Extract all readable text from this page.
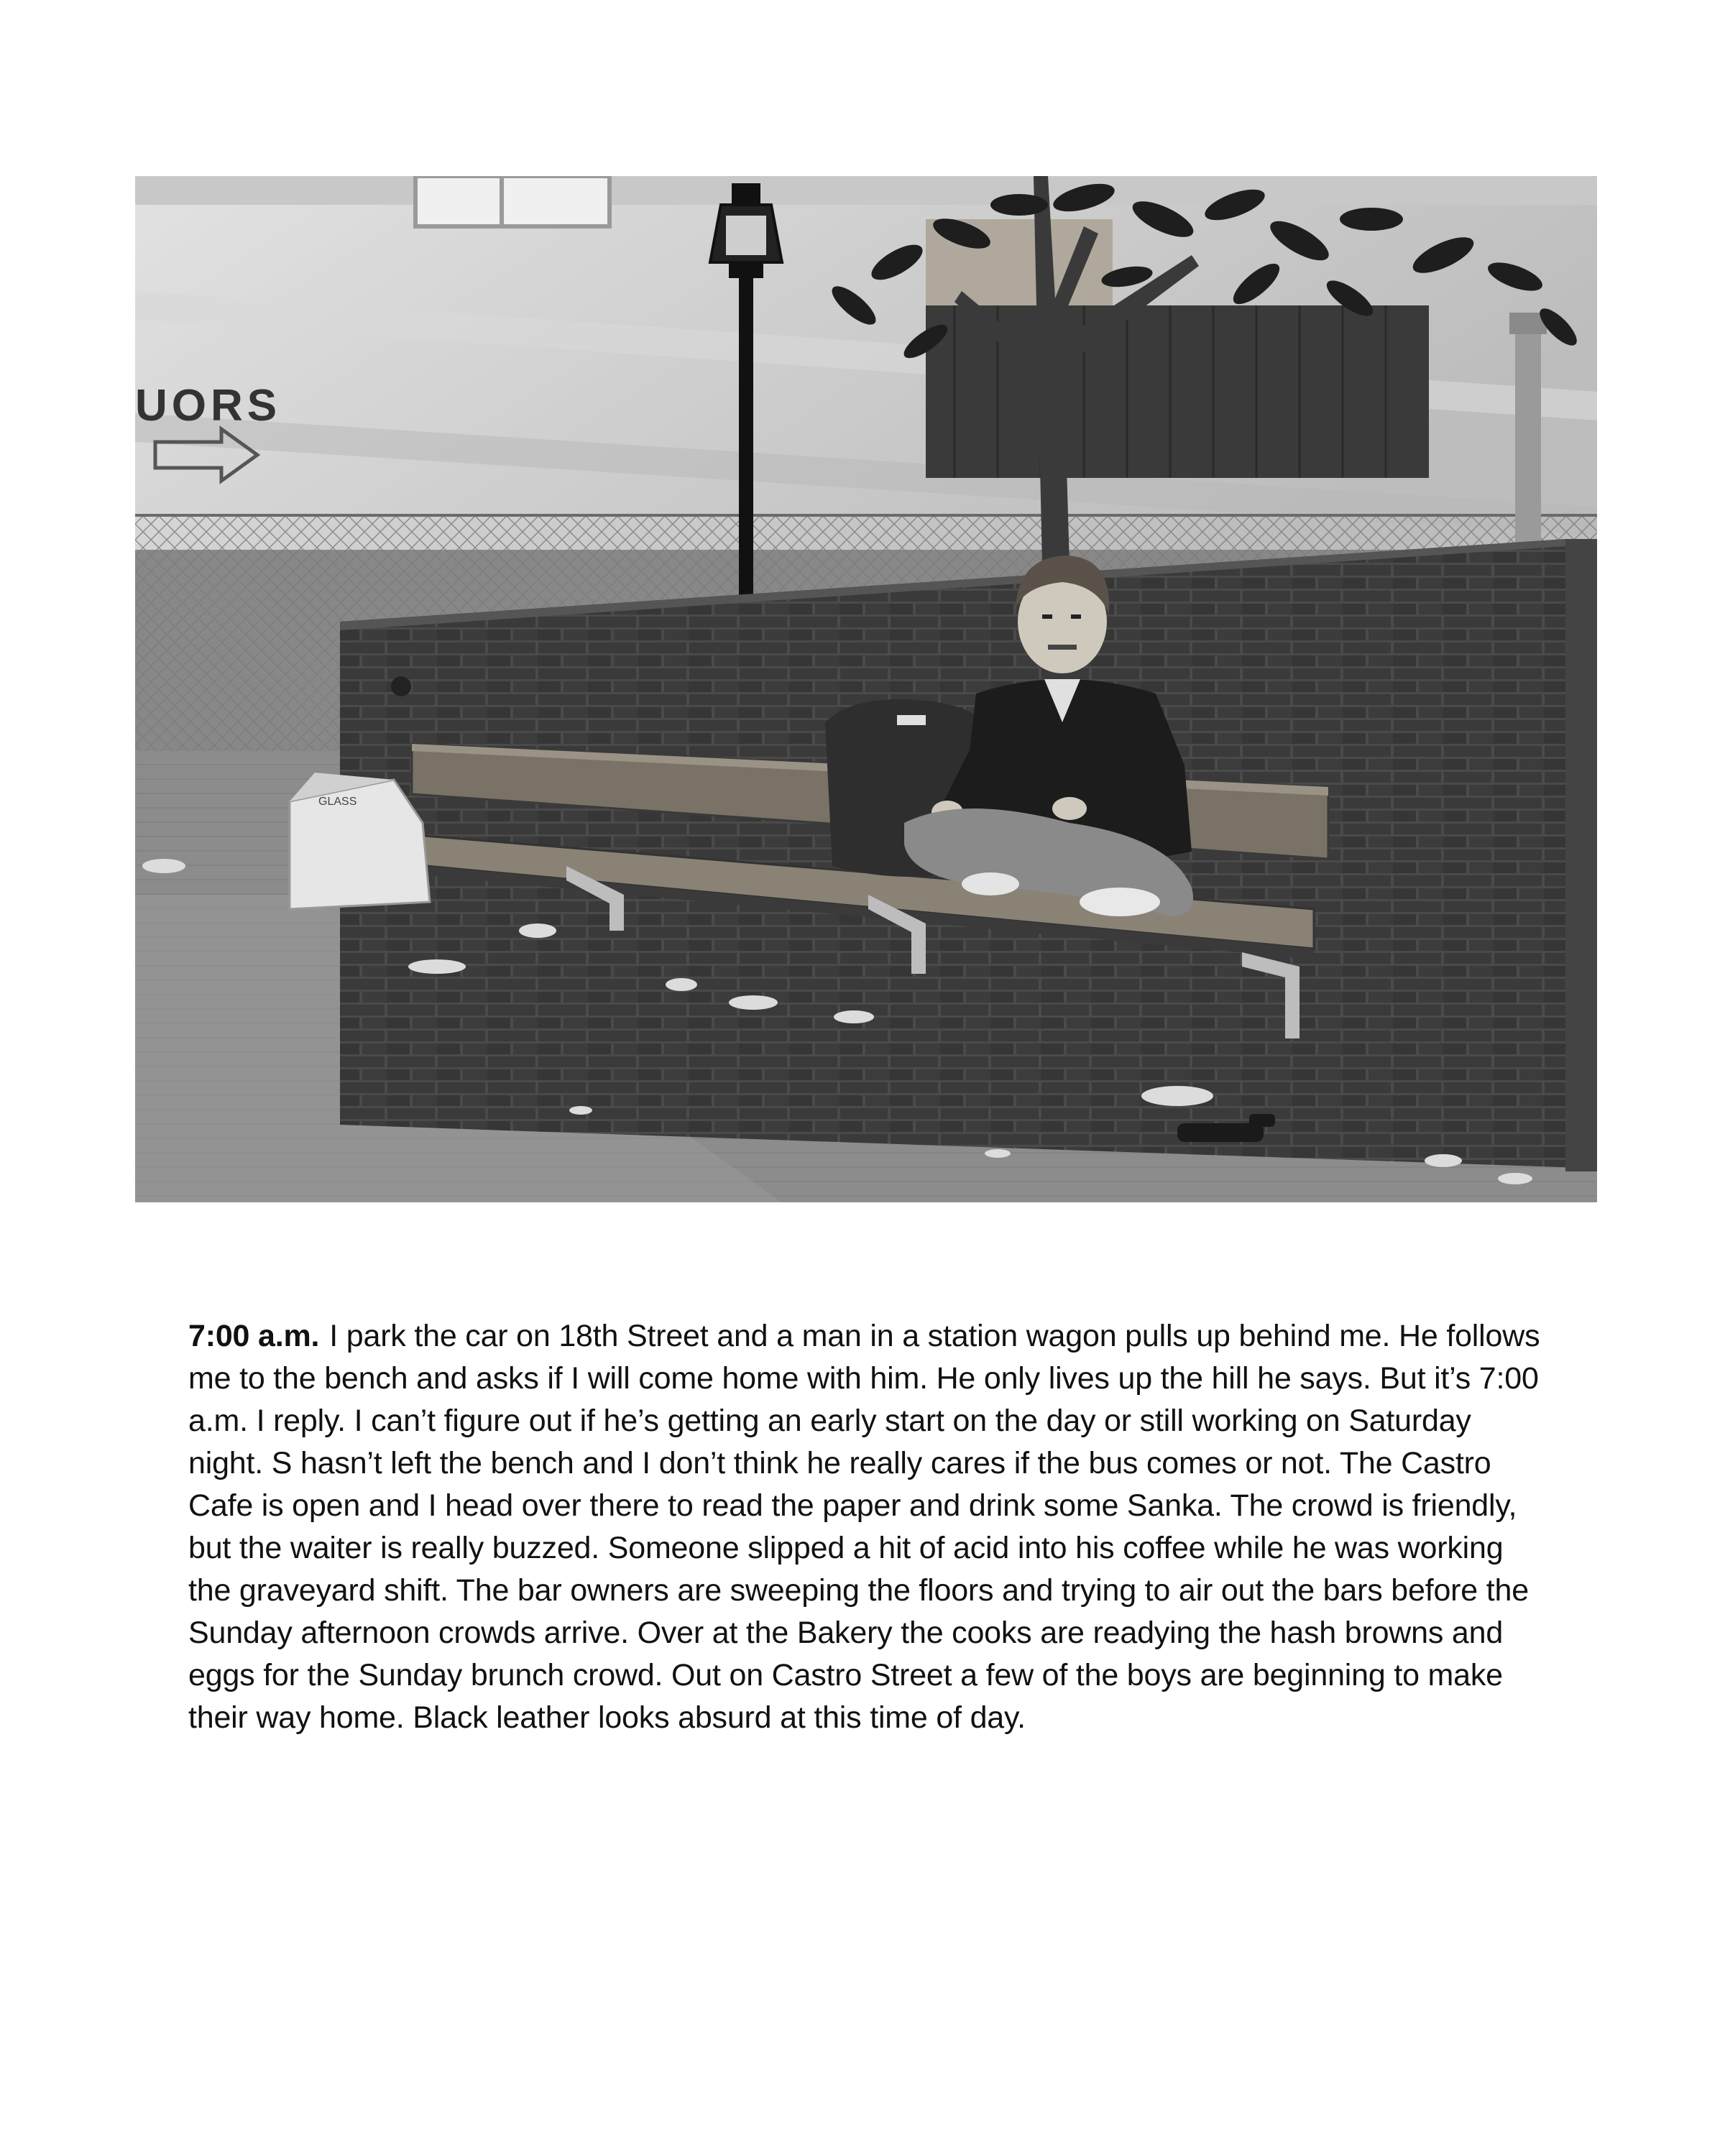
UORS
GLASS
7:00 a.m. I park the car on 18th Street and a man in a station wagon pulls up behind me. He follows me to the bench and asks if I will come home with him. He only lives up the hill he says. But it’s 7:00 a.m. I reply. I can’t figure out if he’s getting an early start on the day or still working on Saturday night. S hasn’t left the bench and I don’t think he really cares if the bus comes or not. The Castro Cafe is open and I head over there to read the paper and drink some Sanka. The crowd is friendly, but the waiter is really buzzed. Someone slipped a hit of acid into his coffee while he was working the graveyard shift. The bar owners are sweeping the floors and trying to air out the bars before the Sunday afternoon crowds arrive. Over at the Bakery the cooks are readying the hash browns and eggs for the Sunday brunch crowd. Out on Castro Street a few of the boys are beginning to make their way home. Black leather looks absurd at this time of day.
